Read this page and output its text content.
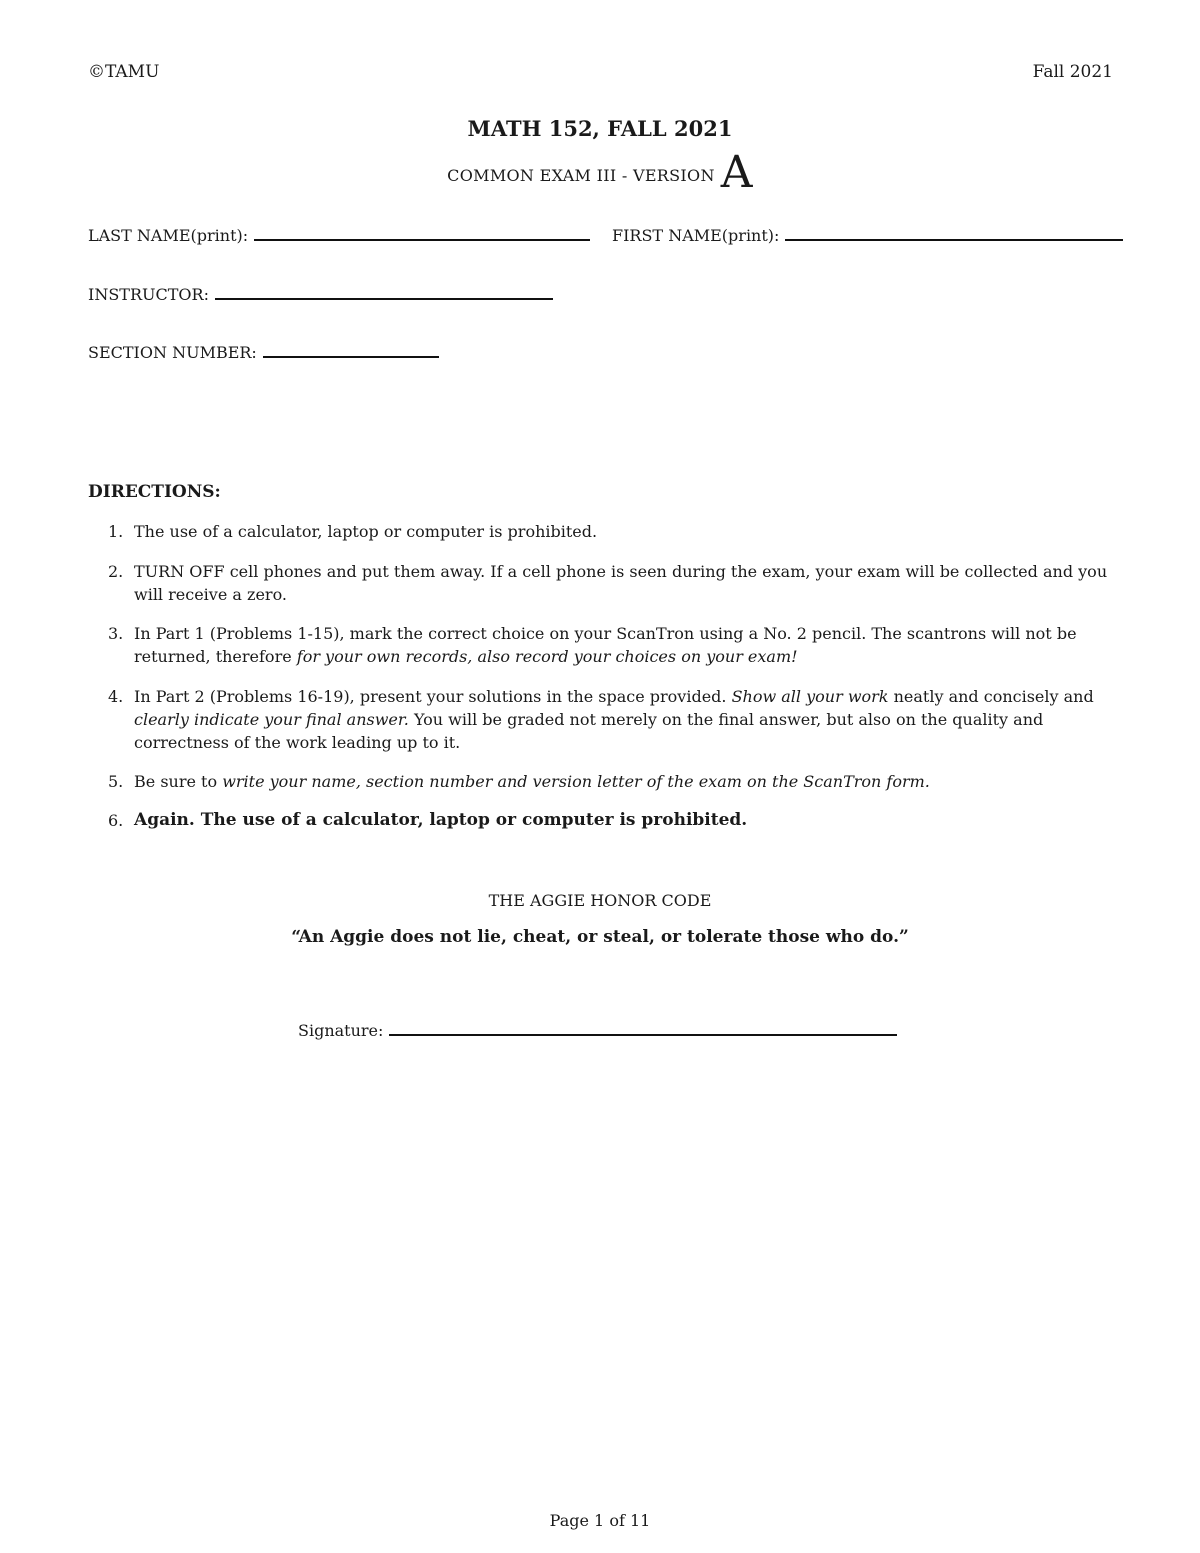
©TAMU	Fall 2021
MATH 152, FALL 2021
COMMON EXAM III - VERSION A
LAST NAME(print):	FIRST NAME(print):
INSTRUCTOR:
SECTION NUMBER:
DIRECTIONS:
1. The use of a calculator, laptop or computer is prohibited.
2. TURN OFF cell phones and put them away. If a cell phone is seen during the exam, your exam will be collected and you will receive a zero.
3. In Part 1 (Problems 1-15), mark the correct choice on your ScanTron using a No. 2 pencil. The scantrons will not be returned, therefore for your own records, also record your choices on your exam!
4. In Part 2 (Problems 16-19), present your solutions in the space provided. Show all your work neatly and concisely and clearly indicate your final answer. You will be graded not merely on the final answer, but also on the quality and correctness of the work leading up to it.
5. Be sure to write your name, section number and version letter of the exam on the ScanTron form.
6. Again. The use of a calculator, laptop or computer is prohibited.
THE AGGIE HONOR CODE
“An Aggie does not lie, cheat, or steal, or tolerate those who do.”
Signature:
Page 1 of 11
